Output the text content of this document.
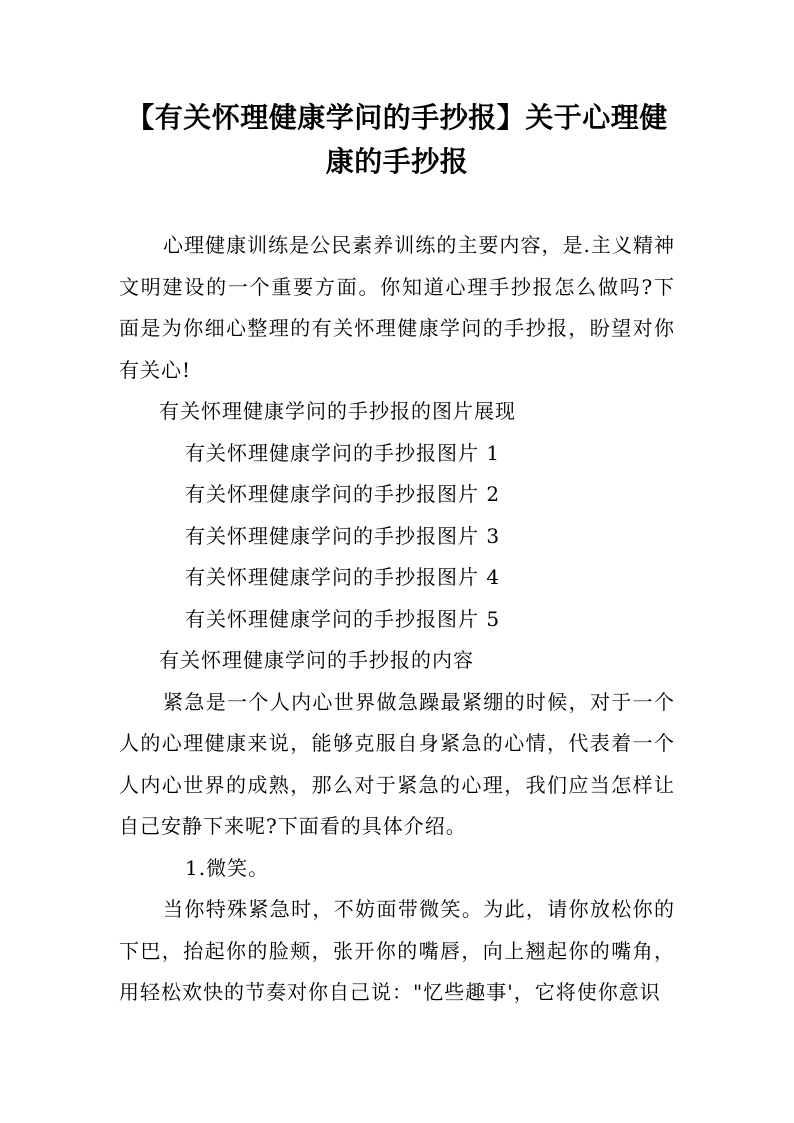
【有关怀理健康学问的手抄报】关于心理健康的手抄报

心理健康训练是公民素养训练的主要内容，是.主义精神文明建设的一个重要方面。你知道心理手抄报怎么做吗?下面是为你细心整理的有关怀理健康学问的手抄报，盼望对你有关心!

有关怀理健康学问的手抄报的图片展现

有关怀理健康学问的手抄报图片 1

有关怀理健康学问的手抄报图片 2

有关怀理健康学问的手抄报图片 3

有关怀理健康学问的手抄报图片 4

有关怀理健康学问的手抄报图片 5

有关怀理健康学问的手抄报的内容

紧急是一个人内心世界做急躁最紧绷的时候，对于一个人的心理健康来说，能够克服自身紧急的心情，代表着一个人内心世界的成熟，那么对于紧急的心理，我们应当怎样让自己安静下来呢?下面看的具体介绍。

1.微笑。

当你特殊紧急时，不妨面带微笑。为此，请你放松你的下巴，抬起你的脸颊，张开你的嘴唇，向上翘起你的嘴角，用轻松欢快的节奏对你自己说："忆些趣事'，它将使你意识
